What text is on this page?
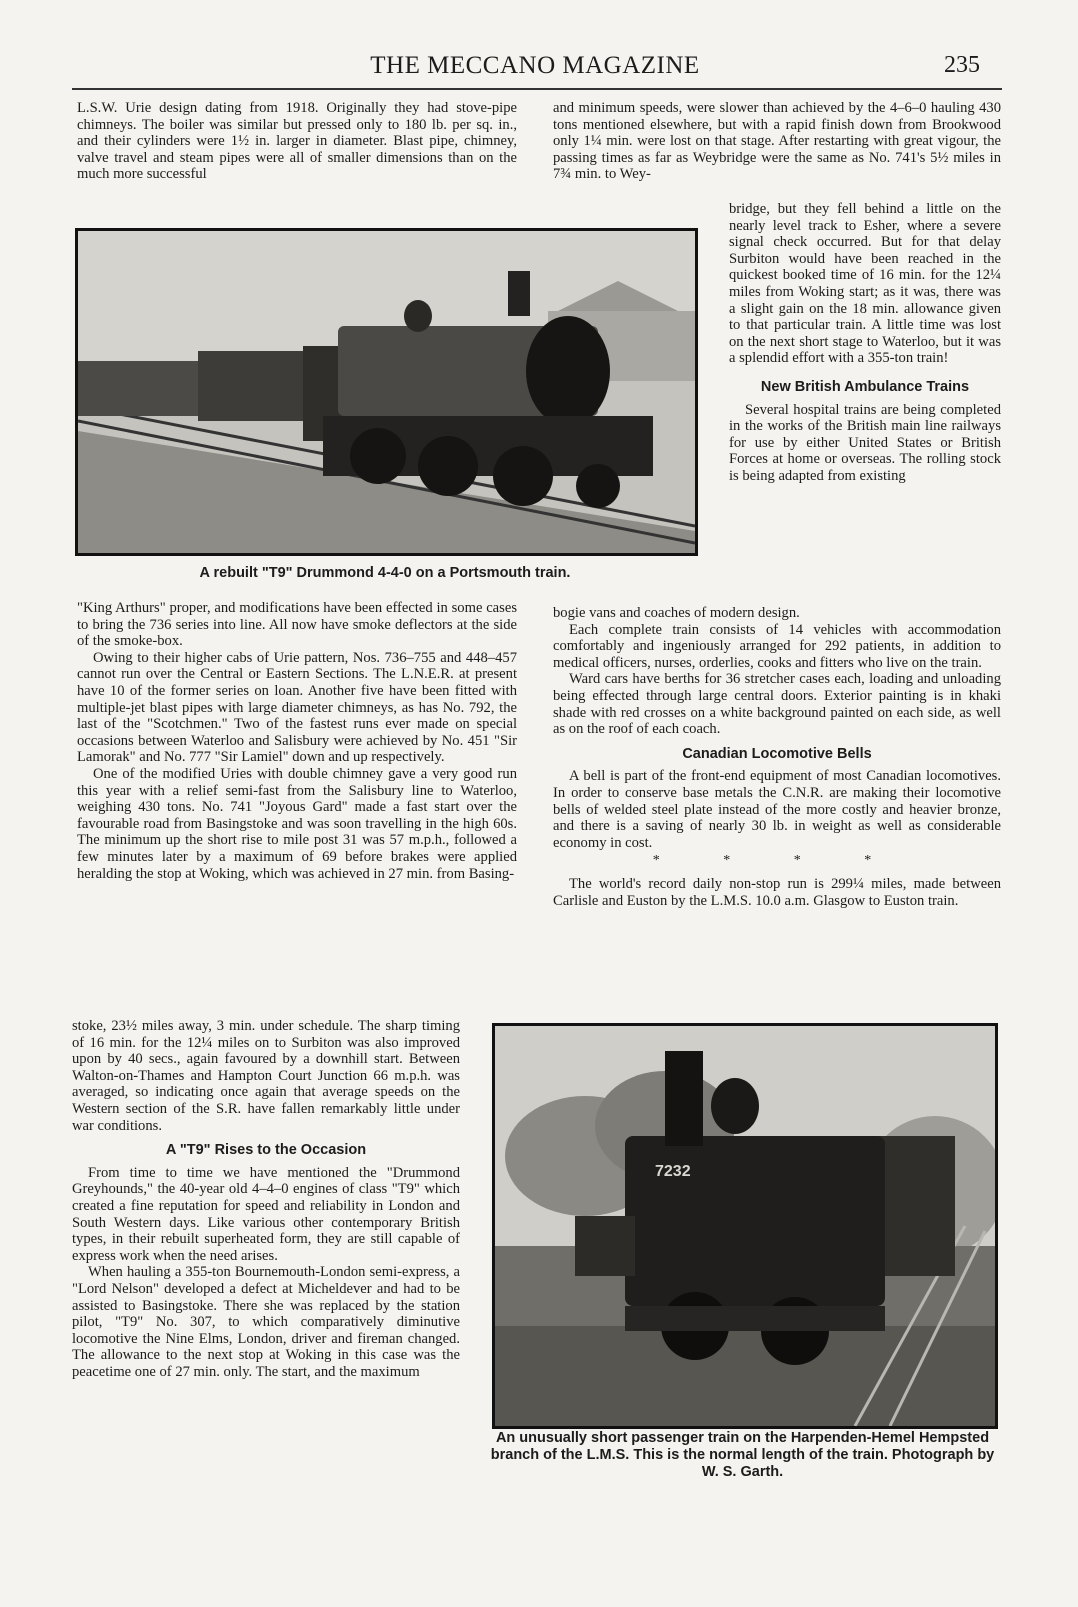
THE MECCANO MAGAZINE	235

L.S.W. Urie design dating from 1918. Originally they had stove-pipe chimneys. The boiler was similar but pressed only to 180 lb. per sq. in., and their cylinders were 1½ in. larger in diameter. Blast pipe, chimney, valve travel and steam pipes were all of smaller dimensions than on the much more successful

and minimum speeds, were slower than achieved by the 4–6–0 hauling 430 tons mentioned elsewhere, but with a rapid finish down from Brookwood only 1¼ min. were lost on that stage. After restarting with great vigour, the passing times as far as Weybridge were the same as No. 741's 5½ miles in 7¾ min. to Wey-

bridge, but they fell behind a little on the nearly level track to Esher, where a severe signal check occurred. But for that delay Surbiton would have been reached in the quickest booked time of 16 min. for the 12¼ miles from Woking start; as it was, there was a slight gain on the 18 min. allowance given to that particular train. A little time was lost on the next short stage to Waterloo, but it was a splendid effort with a 355-ton train!

New British Ambulance Trains

Several hospital trains are being completed in the works of the British main line railways for use by either United States or British Forces at home or overseas. The rolling stock is being adapted from existing

A rebuilt "T9" Drummond 4-4-0 on a Portsmouth train.

"King Arthurs" proper, and modifications have been effected in some cases to bring the 736 series into line. All now have smoke deflectors at the side of the smoke-box.

Owing to their higher cabs of Urie pattern, Nos. 736–755 and 448–457 cannot run over the Central or Eastern Sections. The L.N.E.R. at present have 10 of the former series on loan. Another five have been fitted with multiple-jet blast pipes with large diameter chimneys, as has No. 792, the last of the "Scotchmen." Two of the fastest runs ever made on special occasions between Waterloo and Salisbury were achieved by No. 451 "Sir Lamorak" and No. 777 "Sir Lamiel" down and up respectively.

One of the modified Uries with double chimney gave a very good run this year with a relief semi-fast from the Salisbury line to Waterloo, weighing 430 tons. No. 741 "Joyous Gard" made a fast start over the favourable road from Basingstoke and was soon travelling in the high 60s. The minimum up the short rise to mile post 31 was 57 m.p.h., followed a few minutes later by a maximum of 69 before brakes were applied heralding the stop at Woking, which was achieved in 27 min. from Basing-

bogie vans and coaches of modern design.

Each complete train consists of 14 vehicles with accommodation comfortably and ingeniously arranged for 292 patients, in addition to medical officers, nurses, orderlies, cooks and fitters who live on the train.

Ward cars have berths for 36 stretcher cases each, loading and unloading being effected through large central doors. Exterior painting is in khaki shade with red crosses on a white background painted on each side, as well as on the roof of each coach.

Canadian Locomotive Bells

A bell is part of the front-end equipment of most Canadian locomotives. In order to conserve base metals the C.N.R. are making their locomotive bells of welded steel plate instead of the more costly and heavier bronze, and there is a saving of nearly 30 lb. in weight as well as considerable economy in cost.

* * * *

The world's record daily non-stop run is 299¼ miles, made between Carlisle and Euston by the L.M.S. 10.0 a.m. Glasgow to Euston train.

stoke, 23½ miles away, 3 min. under schedule. The sharp timing of 16 min. for the 12¼ miles on to Surbiton was also improved upon by 40 secs., again favoured by a downhill start. Between Walton-on-Thames and Hampton Court Junction 66 m.p.h. was averaged, so indicating once again that average speeds on the Western section of the S.R. have fallen remarkably little under war conditions.

A "T9" Rises to the Occasion

From time to time we have mentioned the "Drummond Greyhounds," the 40-year old 4–4–0 engines of class "T9" which created a fine reputation for speed and reliability in London and South Western days. Like various other contemporary British types, in their rebuilt superheated form, they are still capable of express work when the need arises.

When hauling a 355-ton Bournemouth-London semi-express, a "Lord Nelson" developed a defect at Micheldever and had to be assisted to Basingstoke. There she was replaced by the station pilot, "T9" No. 307, to which comparatively diminutive locomotive the Nine Elms, London, driver and fireman changed. The allowance to the next stop at Woking in this case was the peacetime one of 27 min. only. The start, and the maximum

7232
An unusually short passenger train on the Harpenden-Hemel Hempsted branch of the L.M.S. This is the normal length of the train. Photograph by W. S. Garth.
